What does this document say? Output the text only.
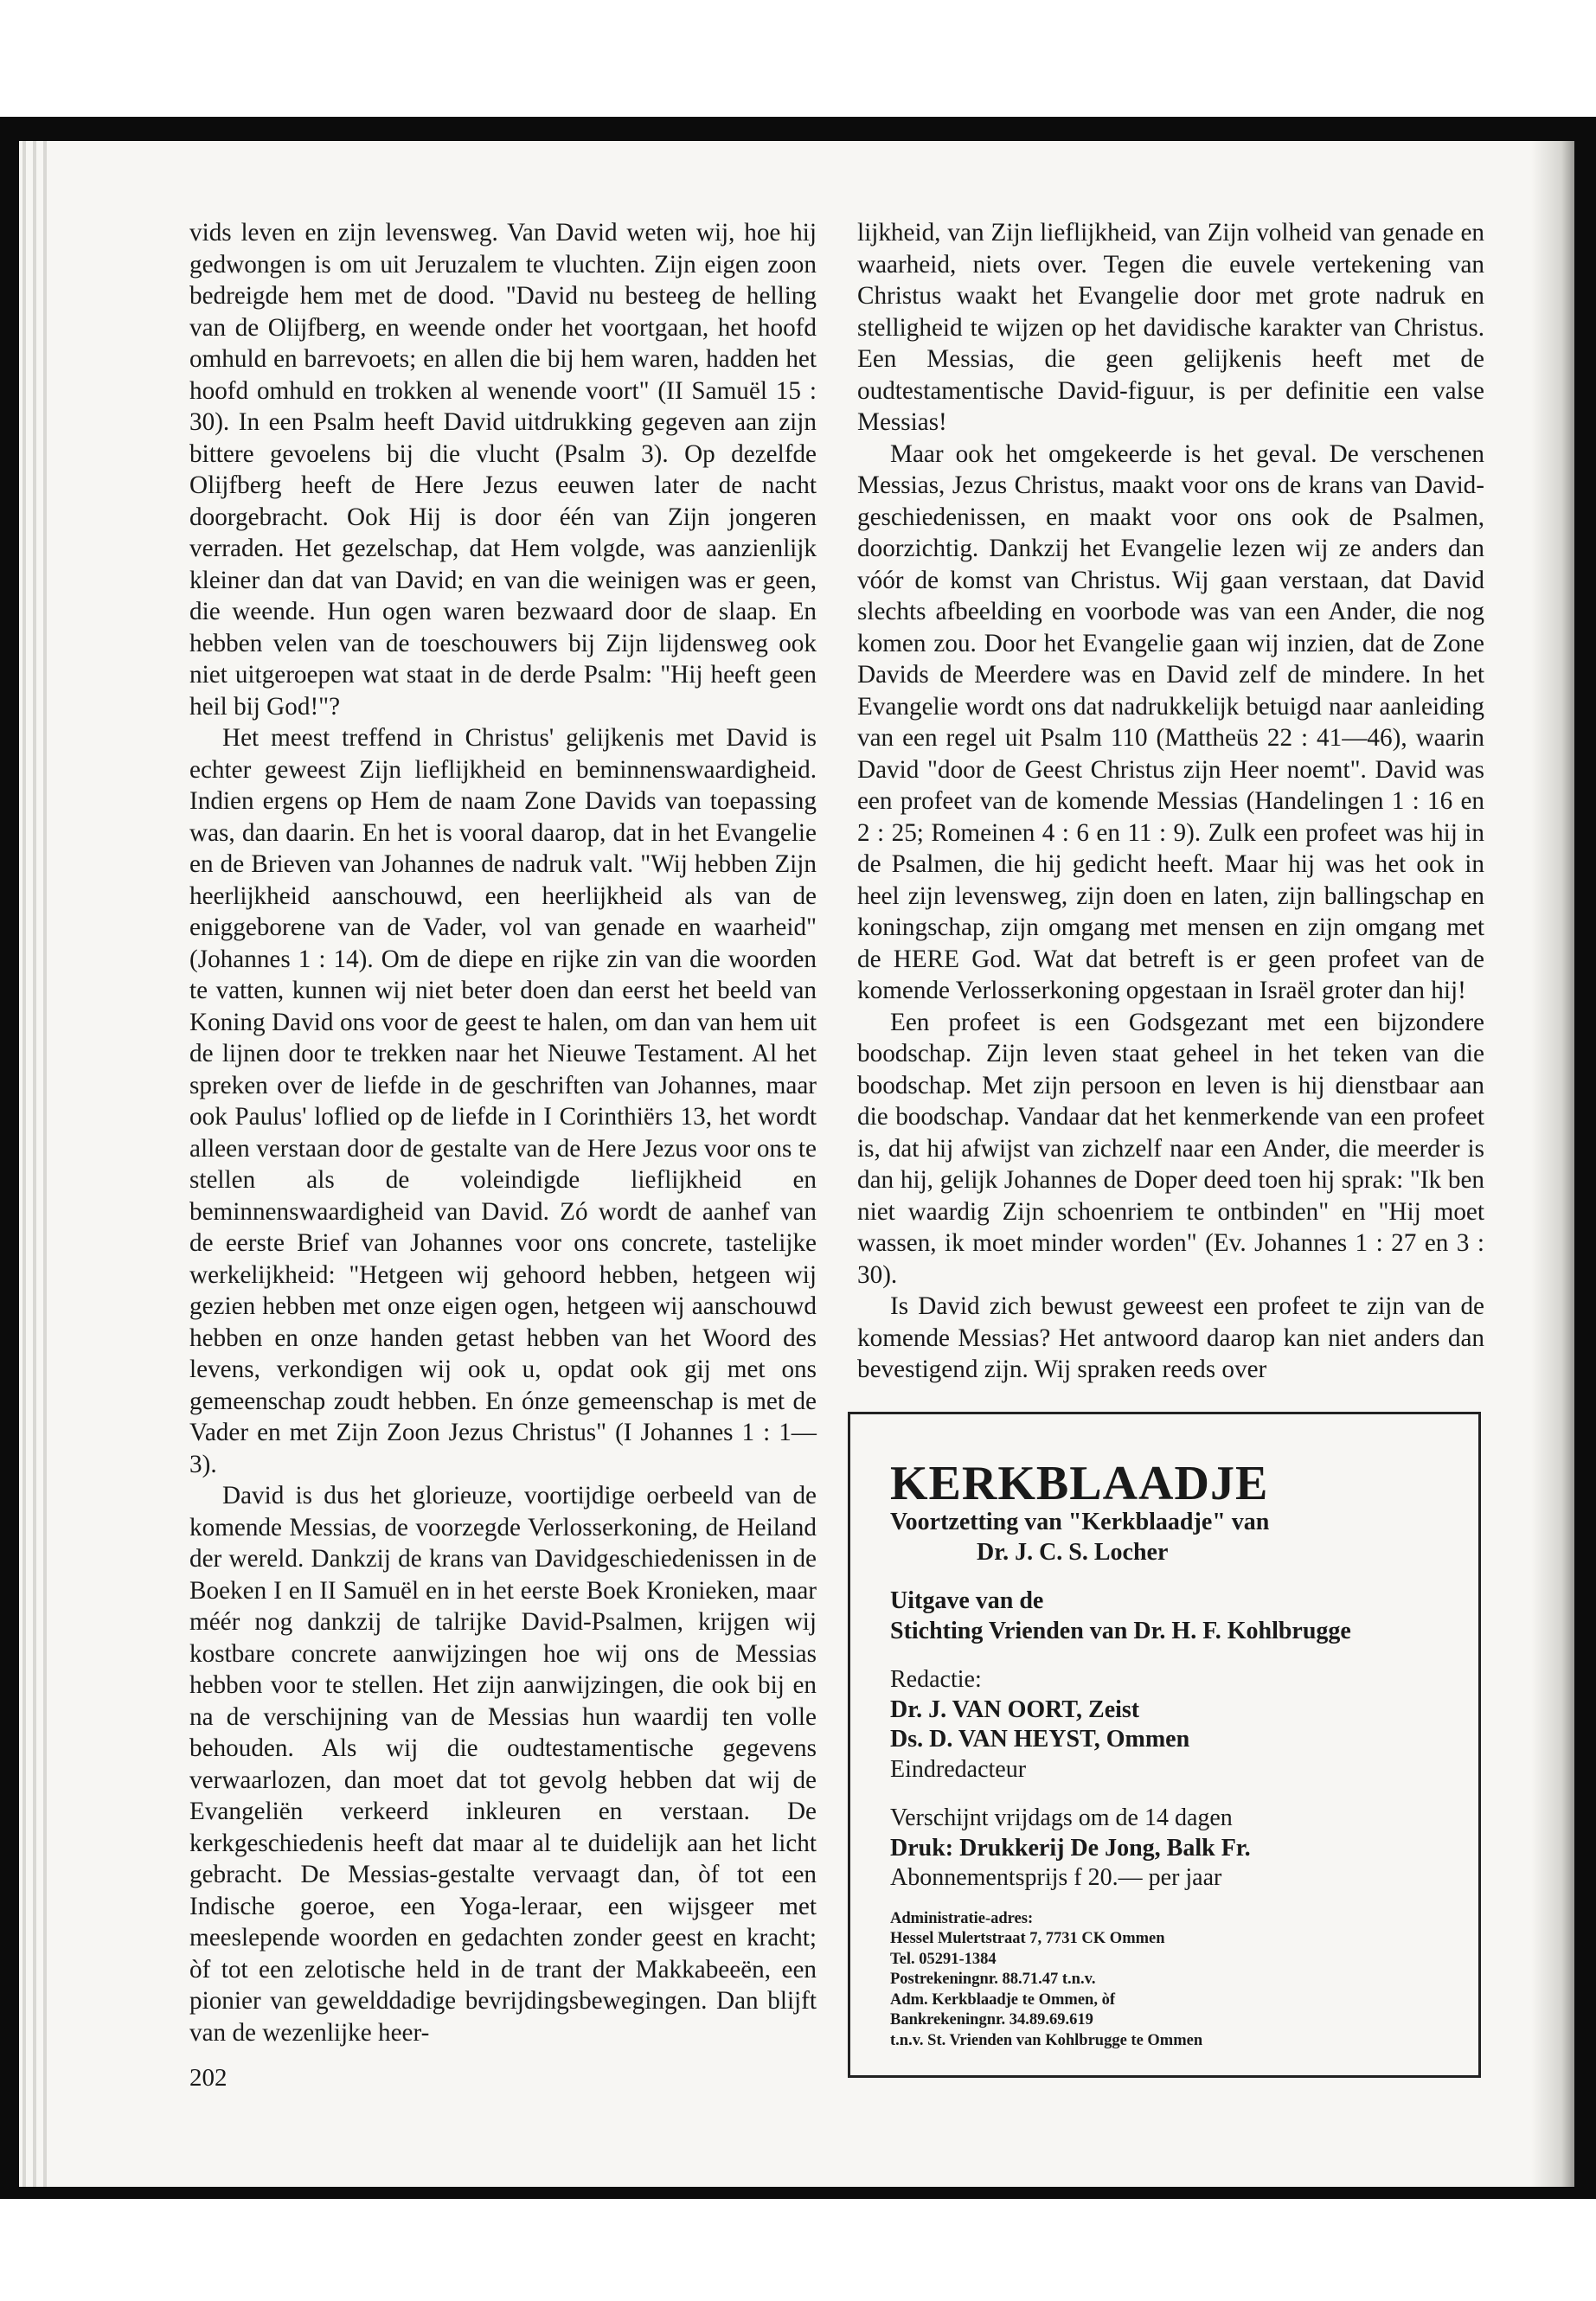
vids leven en zijn levensweg. Van David weten wij, hoe hij gedwongen is om uit Jeruzalem te vluchten. Zijn eigen zoon bedreigde hem met de dood. "David nu besteeg de helling van de Olijfberg, en weende onder het voortgaan, het hoofd omhuld en barrevoets; en allen die bij hem waren, hadden het hoofd omhuld en trokken al wenende voort" (II Samuël 15 : 30). In een Psalm heeft David uitdrukking gegeven aan zijn bittere gevoelens bij die vlucht (Psalm 3). Op dezelfde Olijfberg heeft de Here Jezus eeuwen later de nacht doorgebracht. Ook Hij is door één van Zijn jongeren verraden. Het gezelschap, dat Hem volgde, was aanzienlijk kleiner dan dat van David; en van die weinigen was er geen, die weende. Hun ogen waren bezwaard door de slaap. En hebben velen van de toeschouwers bij Zijn lijdensweg ook niet uitgeroepen wat staat in de derde Psalm: "Hij heeft geen heil bij God!"?

Het meest treffend in Christus' gelijkenis met David is echter geweest Zijn lieflijkheid en beminnenswaardigheid. Indien ergens op Hem de naam Zone Davids van toepassing was, dan daarin. En het is vooral daarop, dat in het Evangelie en de Brieven van Johannes de nadruk valt. "Wij hebben Zijn heerlijkheid aanschouwd, een heerlijkheid als van de eniggeborene van de Vader, vol van genade en waarheid" (Johannes 1 : 14). Om de diepe en rijke zin van die woorden te vatten, kunnen wij niet beter doen dan eerst het beeld van Koning David ons voor de geest te halen, om dan van hem uit de lijnen door te trekken naar het Nieuwe Testament. Al het spreken over de liefde in de geschriften van Johannes, maar ook Paulus' loflied op de liefde in I Corinthiërs 13, het wordt alleen verstaan door de gestalte van de Here Jezus voor ons te stellen als de voleindigde lieflijkheid en beminnenswaardigheid van David. Zó wordt de aanhef van de eerste Brief van Johannes voor ons concrete, tastelijke werkelijkheid: "Hetgeen wij gehoord hebben, hetgeen wij gezien hebben met onze eigen ogen, hetgeen wij aanschouwd hebben en onze handen getast hebben van het Woord des levens, verkondigen wij ook u, opdat ook gij met ons gemeenschap zoudt hebben. En ónze gemeenschap is met de Vader en met Zijn Zoon Jezus Christus" (I Johannes 1 : 1—3).

David is dus het glorieuze, voortijdige oerbeeld van de komende Messias, de voorzegde Verlosserkoning, de Heiland der wereld. Dankzij de krans van Davidgeschiedenissen in de Boeken I en II Samuël en in het eerste Boek Kronieken, maar méér nog dankzij de talrijke David-Psalmen, krijgen wij kostbare concrete aanwijzingen hoe wij ons de Messias hebben voor te stellen. Het zijn aanwijzingen, die ook bij en na de verschijning van de Messias hun waardij ten volle behouden. Als wij die oudtestamentische gegevens verwaarlozen, dan moet dat tot gevolg hebben dat wij de Evangeliën verkeerd inkleuren en verstaan. De kerkgeschiedenis heeft dat maar al te duidelijk aan het licht gebracht. De Messias-gestalte vervaagt dan, òf tot een Indische goeroe, een Yoga-leraar, een wijsgeer met meeslepende woorden en gedachten zonder geest en kracht; òf tot een zelotische held in de trant der Makkabeeën, een pionier van gewelddadige bevrijdingsbewegingen. Dan blijft van de wezenlijke heer-

lijkheid, van Zijn lieflijkheid, van Zijn volheid van genade en waarheid, niets over. Tegen die euvele vertekening van Christus waakt het Evangelie door met grote nadruk en stelligheid te wijzen op het davidische karakter van Christus. Een Messias, die geen gelijkenis heeft met de oudtestamentische David-figuur, is per definitie een valse Messias!

Maar ook het omgekeerde is het geval. De verschenen Messias, Jezus Christus, maakt voor ons de krans van David-geschiedenissen, en maakt voor ons ook de Psalmen, doorzichtig. Dankzij het Evangelie lezen wij ze anders dan vóór de komst van Christus. Wij gaan verstaan, dat David slechts afbeelding en voorbode was van een Ander, die nog komen zou. Door het Evangelie gaan wij inzien, dat de Zone Davids de Meerdere was en David zelf de mindere. In het Evangelie wordt ons dat nadrukkelijk betuigd naar aanleiding van een regel uit Psalm 110 (Mattheüs 22 : 41—46), waarin David "door de Geest Christus zijn Heer noemt". David was een profeet van de komende Messias (Handelingen 1 : 16 en 2 : 25; Romeinen 4 : 6 en 11 : 9). Zulk een profeet was hij in de Psalmen, die hij gedicht heeft. Maar hij was het ook in heel zijn levensweg, zijn doen en laten, zijn ballingschap en koningschap, zijn omgang met mensen en zijn omgang met de HERE God. Wat dat betreft is er geen profeet van de komende Verlosserkoning opgestaan in Israël groter dan hij!

Een profeet is een Godsgezant met een bijzondere boodschap. Zijn leven staat geheel in het teken van die boodschap. Met zijn persoon en leven is hij dienstbaar aan die boodschap. Vandaar dat het kenmerkende van een profeet is, dat hij afwijst van zichzelf naar een Ander, die meerder is dan hij, gelijk Johannes de Doper deed toen hij sprak: "Ik ben niet waardig Zijn schoenriem te ontbinden" en "Hij moet wassen, ik moet minder worden" (Ev. Johannes 1 : 27 en 3 : 30).

Is David zich bewust geweest een profeet te zijn van de komende Messias? Het antwoord daarop kan niet anders dan bevestigend zijn. Wij spraken reeds over

202

KERKBLAADJE

Voortzetting van "Kerkblaadje" van

Dr. J. C. S. Locher

Uitgave van de

Stichting Vrienden van Dr. H. F. Kohlbrugge

Redactie:

Dr. J. VAN OORT, Zeist

Ds. D. VAN HEYST, Ommen

Eindredacteur

Verschijnt vrijdags om de 14 dagen

Druk: Drukkerij De Jong, Balk Fr.

Abonnementsprijs f 20.— per jaar

Administratie-adres:

Hessel Mulertstraat 7, 7731 CK Ommen

Tel. 05291-1384

Postrekeningnr. 88.71.47 t.n.v.

Adm. Kerkblaadje te Ommen, òf

Bankrekeningnr. 34.89.69.619

t.n.v. St. Vrienden van Kohlbrugge te Ommen
